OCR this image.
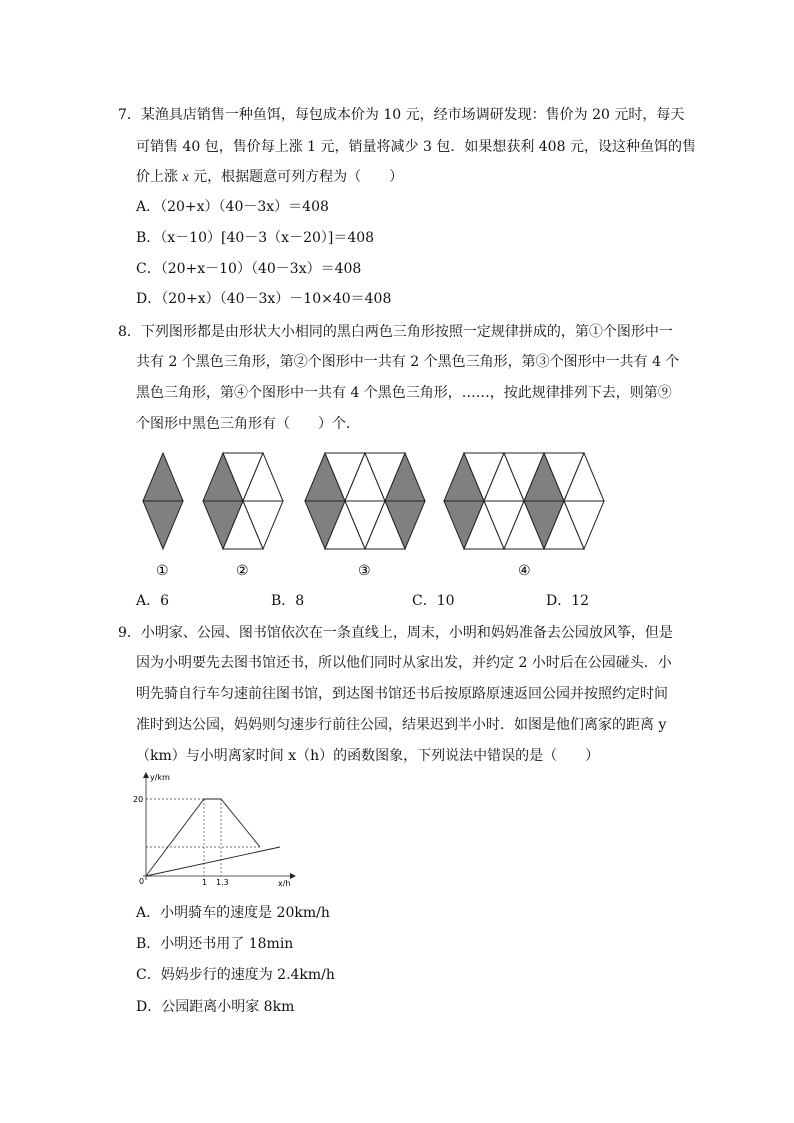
7．某渔具店销售一种鱼饵，每包成本价为 10 元，经市场调研发现：售价为 20 元时，每天
可销售 40 包，售价每上涨 1 元，销量将减少 3 包．如果想获利 408 元，设这种鱼饵的售
价上涨 x 元，根据题意可列方程为（　　）
A．（20+x）（40－3x）＝408
B．（x－10）[40－3（x－20）]＝408
C．（20+x－10）（40－3x）＝408
D．（20+x）（40－3x）－10×40＝408
8．下列图形都是由形状大小相同的黑白两色三角形按照一定规律拼成的，第①个图形中一
共有 2 个黑色三角形，第②个图形中一共有 2 个黑色三角形，第③个图形中一共有 4 个
黑色三角形，第④个图形中一共有 4 个黑色三角形，……，按此规律排列下去，则第⑨
个图形中黑色三角形有（　　）个．
①	②	③	④
A．6	B．8	C．10	D．12
9．小明家、公园、图书馆依次在一条直线上，周末，小明和妈妈准备去公园放风筝，但是
因为小明要先去图书馆还书，所以他们同时从家出发，并约定 2 小时后在公园碰头．小
明先骑自行车匀速前往图书馆，到达图书馆还书后按原路原速返回公园并按照约定时间
准时到达公园，妈妈则匀速步行前往公园，结果迟到半小时．如图是他们离家的距离 y
（km）与小明离家时间 x（h）的函数图象，下列说法中错误的是（　　）
y/km
x/h
0
20
1 1.3
A．小明骑车的速度是 20km/h
B．小明还书用了 18min
C．妈妈步行的速度为 2.4km/h
D．公园距离小明家 8km
